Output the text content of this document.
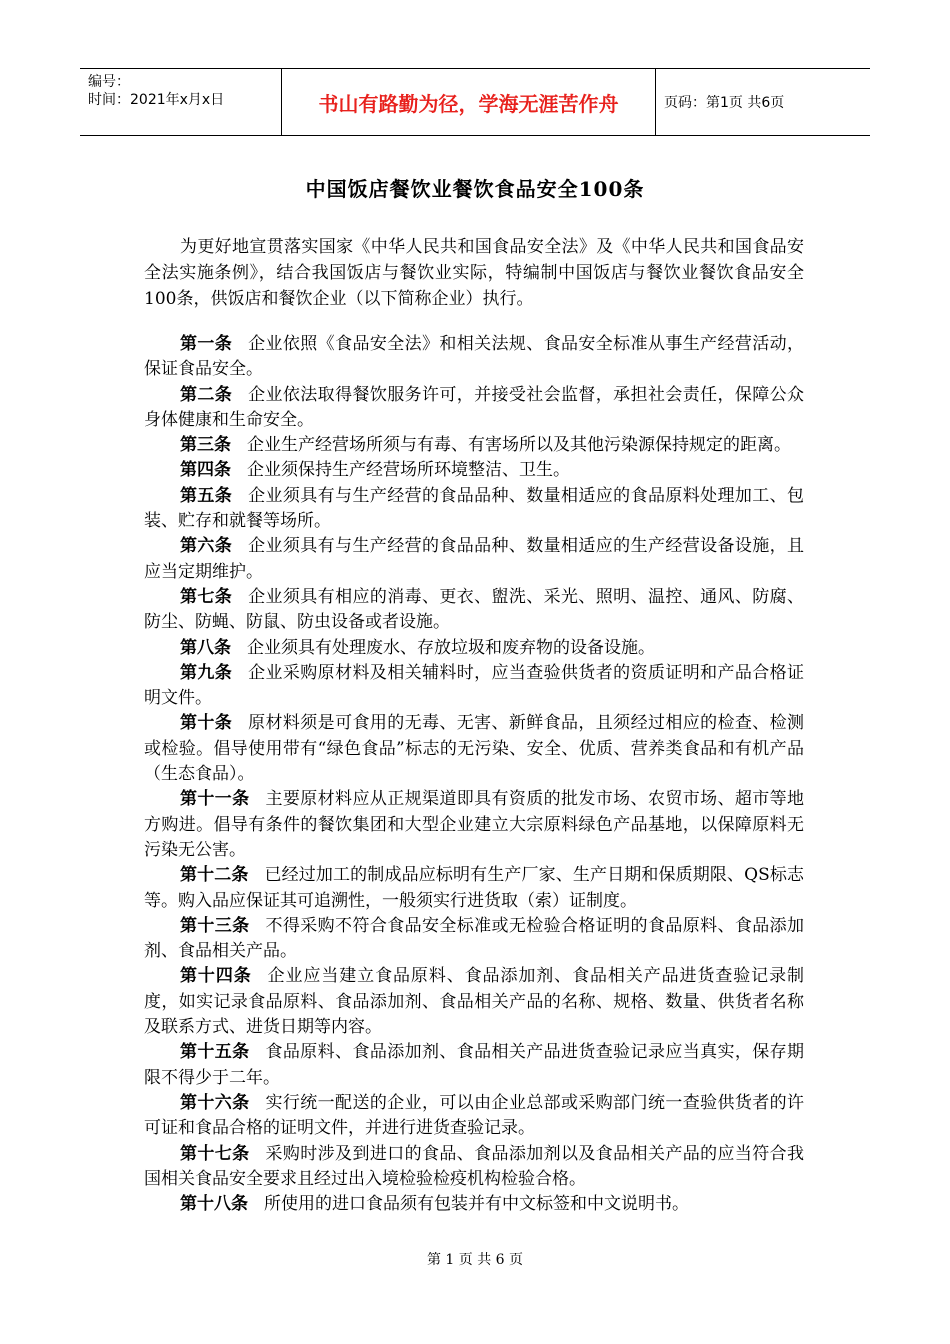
编号：
时间：2021年x月x日	书山有路勤为径，学海无涯苦作舟	页码：第1页 共6页
中国饭店餐饮业餐饮食品安全100条

为更好地宣贯落实国家《中华人民共和国食品安全法》及《中华人民共和国食品安全法实施条例》，结合我国饭店与餐饮业实际，特编制中国饭店与餐饮业餐饮食品安全100条，供饭店和餐饮企业（以下简称企业）执行。

第一条 企业依照《食品安全法》和相关法规、食品安全标准从事生产经营活动，保证食品安全。

第二条 企业依法取得餐饮服务许可，并接受社会监督，承担社会责任，保障公众身体健康和生命安全。

第三条 企业生产经营场所须与有毒、有害场所以及其他污染源保持规定的距离。

第四条 企业须保持生产经营场所环境整洁、卫生。

第五条 企业须具有与生产经营的食品品种、数量相适应的食品原料处理加工、包装、贮存和就餐等场所。

第六条 企业须具有与生产经营的食品品种、数量相适应的生产经营设备设施，且应当定期维护。

第七条 企业须具有相应的消毒、更衣、盥洗、采光、照明、温控、通风、防腐、防尘、防蝇、防鼠、防虫设备或者设施。

第八条 企业须具有处理废水、存放垃圾和废弃物的设备设施。

第九条 企业采购原材料及相关辅料时，应当查验供货者的资质证明和产品合格证明文件。

第十条 原材料须是可食用的无毒、无害、新鲜食品，且须经过相应的检查、检测或检验。倡导使用带有“绿色食品”标志的无污染、安全、优质、营养类食品和有机产品（生态食品）。

第十一条 主要原材料应从正规渠道即具有资质的批发市场、农贸市场、超市等地方购进。倡导有条件的餐饮集团和大型企业建立大宗原料绿色产品基地，以保障原料无污染无公害。

第十二条 已经过加工的制成品应标明有生产厂家、生产日期和保质期限、QS标志等。购入品应保证其可追溯性，一般须实行进货取（索）证制度。

第十三条 不得采购不符合食品安全标准或无检验合格证明的食品原料、食品添加剂、食品相关产品。

第十四条 企业应当建立食品原料、食品添加剂、食品相关产品进货查验记录制度，如实记录食品原料、食品添加剂、食品相关产品的名称、规格、数量、供货者名称及联系方式、进货日期等内容。

第十五条 食品原料、食品添加剂、食品相关产品进货查验记录应当真实，保存期限不得少于二年。

第十六条 实行统一配送的企业，可以由企业总部或采购部门统一查验供货者的许可证和食品合格的证明文件，并进行进货查验记录。

第十七条 采购时涉及到进口的食品、食品添加剂以及食品相关产品的应当符合我国相关食品安全要求且经过出入境检验检疫机构检验合格。

第十八条 所使用的进口食品须有包装并有中文标签和中文说明书。

第 1 页 共 6 页
